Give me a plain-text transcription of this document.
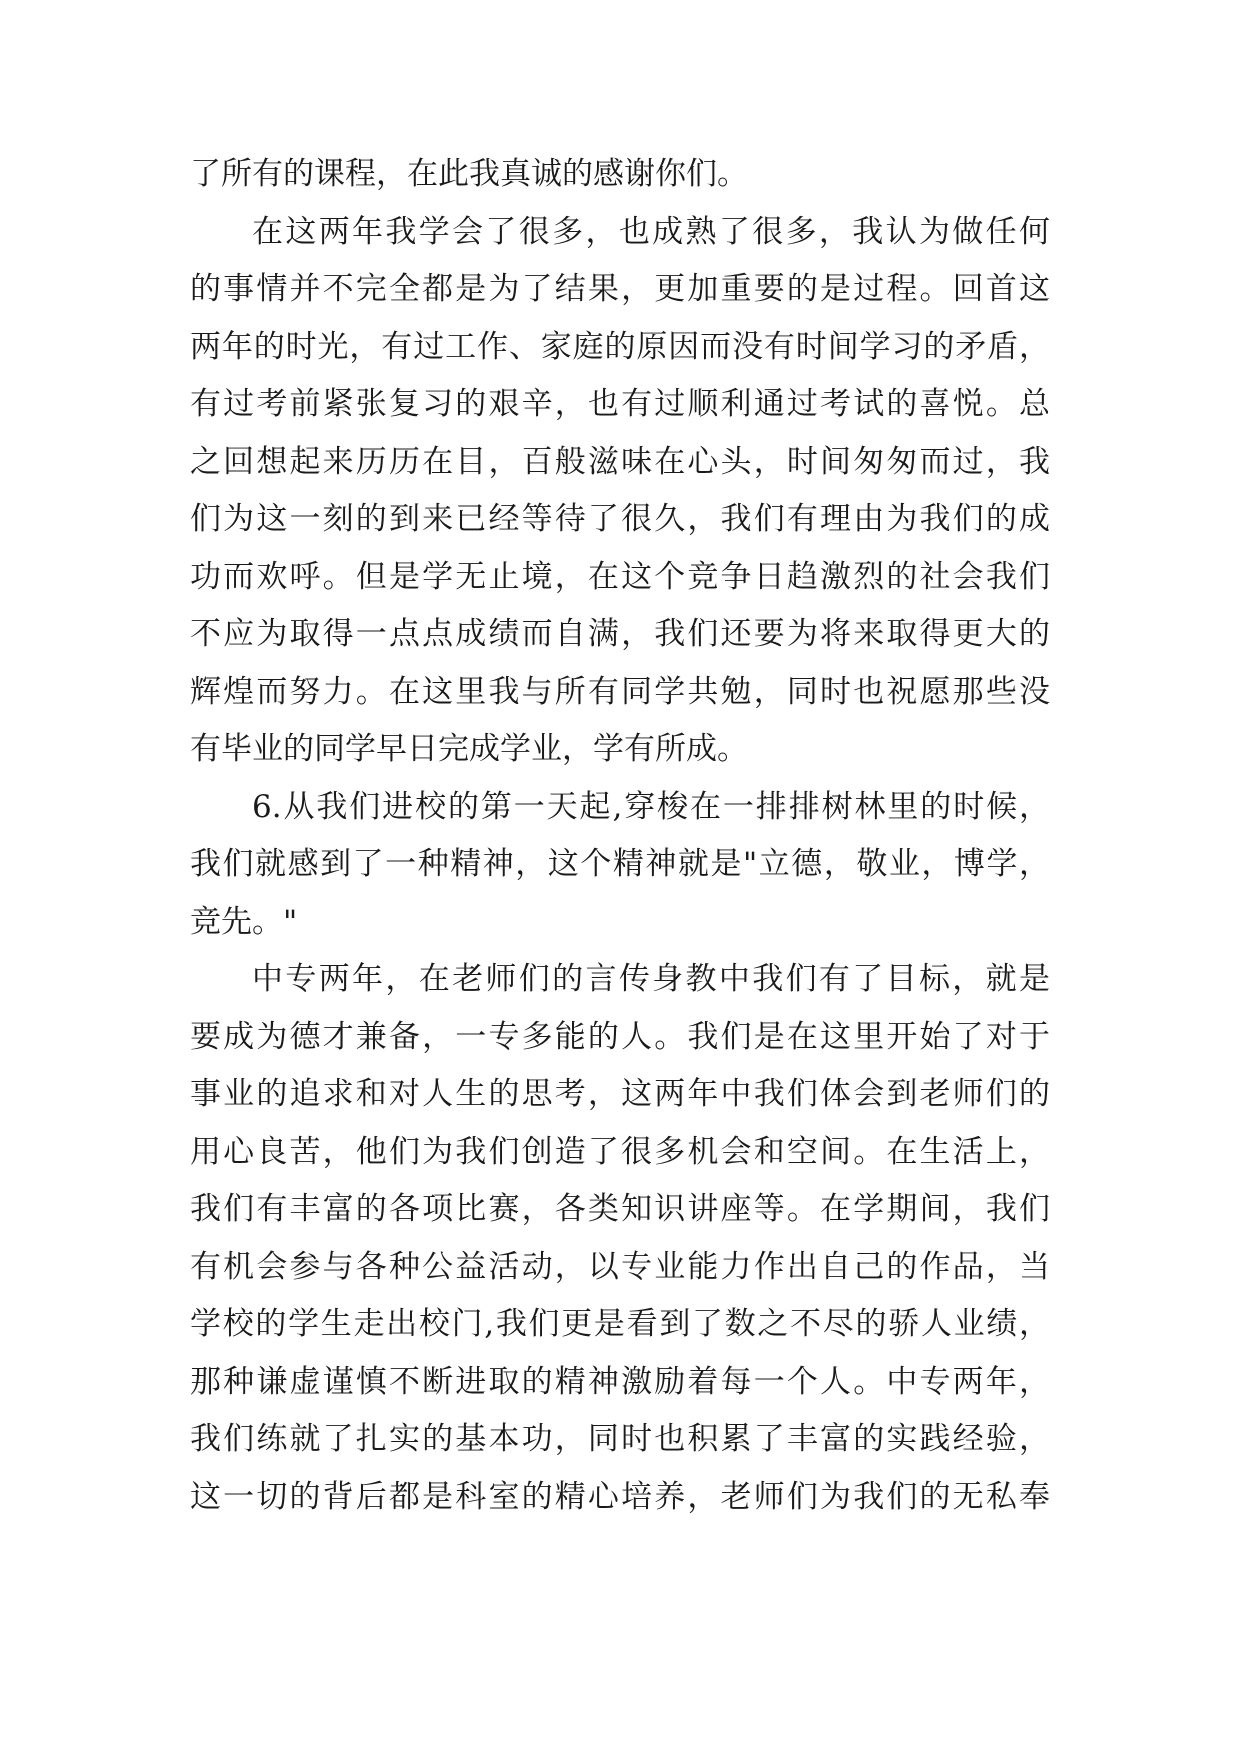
了所有的课程，在此我真诚的感谢你们。
在这两年我学会了很多，也成熟了很多，我认为做任何
的事情并不完全都是为了结果，更加重要的是过程。回首这
两年的时光，有过工作、家庭的原因而没有时间学习的矛盾，
有过考前紧张复习的艰辛，也有过顺利通过考试的喜悦。总
之回想起来历历在目，百般滋味在心头，时间匆匆而过，我
们为这一刻的到来已经等待了很久，我们有理由为我们的成
功而欢呼。但是学无止境，在这个竞争日趋激烈的社会我们
不应为取得一点点成绩而自满，我们还要为将来取得更大的
辉煌而努力。在这里我与所有同学共勉，同时也祝愿那些没
有毕业的同学早日完成学业，学有所成。
6.从我们进校的第一天起,穿梭在一排排树林里的时候，
我们就感到了一种精神，这个精神就是"立德，敬业，博学，
竞先。"
中专两年，在老师们的言传身教中我们有了目标，就是
要成为德才兼备，一专多能的人。我们是在这里开始了对于
事业的追求和对人生的思考，这两年中我们体会到老师们的
用心良苦，他们为我们创造了很多机会和空间。在生活上，
我们有丰富的各项比赛，各类知识讲座等。在学期间，我们
有机会参与各种公益活动，以专业能力作出自己的作品，当
学校的学生走出校门,我们更是看到了数之不尽的骄人业绩，
那种谦虚谨慎不断进取的精神激励着每一个人。中专两年，
我们练就了扎实的基本功，同时也积累了丰富的实践经验，
这一切的背后都是科室的精心培养，老师们为我们的无私奉
